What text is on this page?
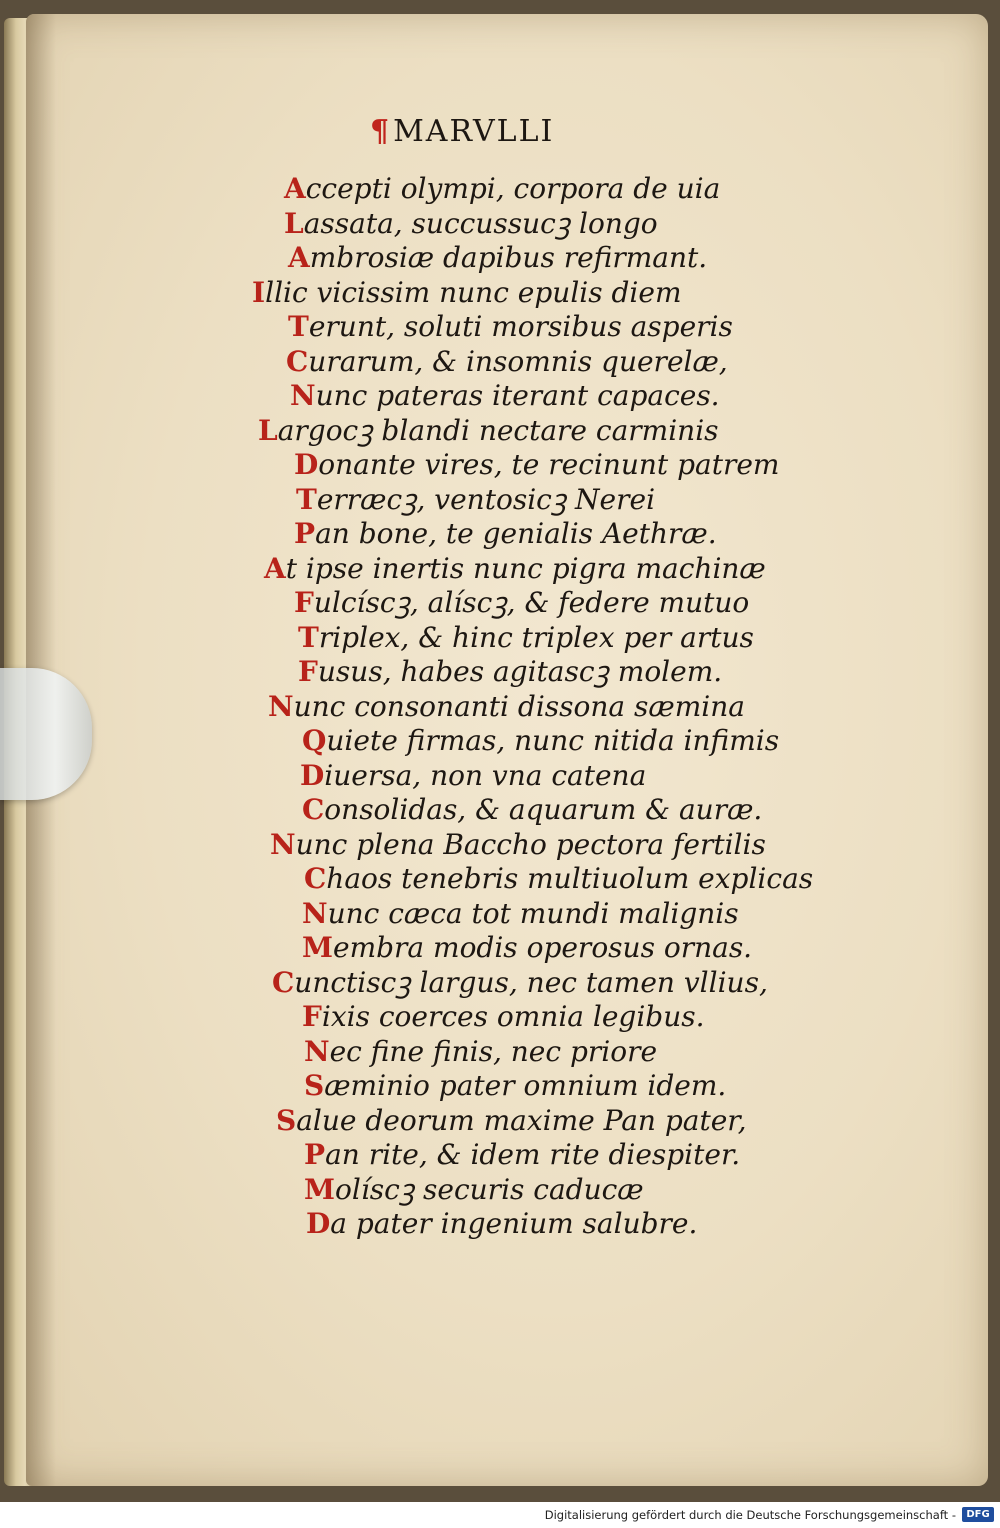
¶MARVLLI
Accepti olympi, corpora de uia
Lassata, succussucꝫ longo
Ambrosiæ dapibus refirmant.
Illic vicissim nunc epulis diem
Terunt, soluti morsibus asperis
Curarum, & insomnis querelæ,
Nunc pateras iterant capaces.
Largocꝫ blandi nectare carminis
Donante vires, te recinunt patrem
Terræcꝫ, ventosicꝫ Nerei
Pan bone, te genialis Aethræ.
At ipse inertis nunc pigra machinæ
Fulcíscꝫ, alíscꝫ, & federe mutuo
Triplex, & hinc triplex per artus
Fusus, habes agitascꝫ molem.
Nunc consonanti dissona sæmina
Quiete firmas, nunc nitida infimis
Diuersa, non vna catena
Consolidas, & aquarum & auræ.
Nunc plena Baccho pectora fertilis
Chaos tenebris multiuolum explicas
Nunc cæca tot mundi malignis
Membra modis operosus ornas.
Cunctiscꝫ largus, nec tamen vllius,
Fixis coerces omnia legibus.
Nec fine finis, nec priore
Sæminio pater omnium idem.
Salue deorum maxime Pan pater,
Pan rite, & idem rite diespiter.
Molíscꝫ securis caducæ
Da pater ingenium salubre.
Digitalisierung gefördert durch die Deutsche Forschungsgemeinschaft -	DFG
